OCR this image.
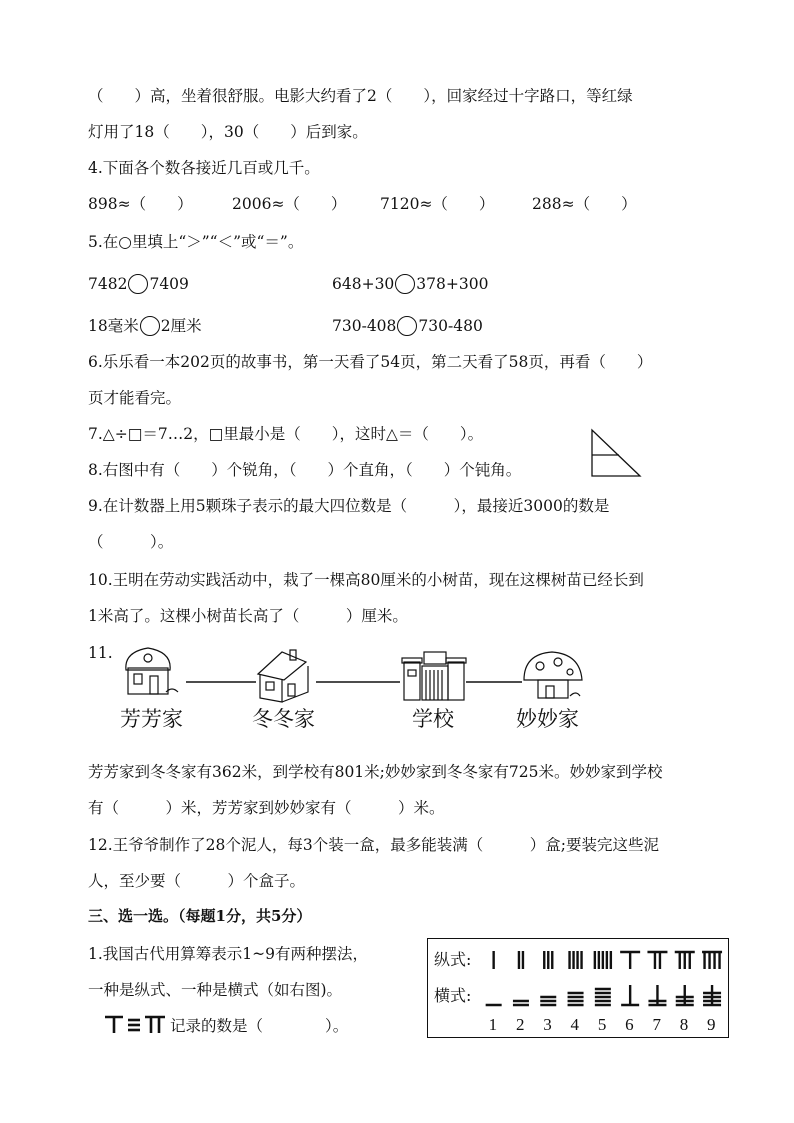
（　　）高，坐着很舒服。电影大约看了2（　　），回家经过十字路口，等红绿
灯用了18（　　），30（　　）后到家。
4.下面各个数各接近几百或几千。
898≈（　　）	2006≈（　　） 7120≈（　　） 288≈（　　）
5.在○里填上“＞”“＜”或“＝”。
7482 7409	648+30 378+300
18毫米 2厘米	730-408 730-480
6.乐乐看一本202页的故事书，第一天看了54页，第二天看了58页，再看（　　）
页才能看完。
7.△÷□＝7…2，□里最小是（　　），这时△＝（　　）。
8.右图中有（　　）个锐角，（　　）个直角，（　　）个钝角。
9.在计数器上用5颗珠子表示的最大四位数是（　　　），最接近3000的数是
（　　　）。
10.王明在劳动实践活动中，栽了一棵高80厘米的小树苗，现在这棵树苗已经长到
1米高了。这棵小树苗长高了（　　　）厘米。
11.
芳芳家	冬冬家	学校	妙妙家
芳芳家到冬冬家有362米，到学校有801米;妙妙家到冬冬家有725米。妙妙家到学校
有（　　　）米，芳芳家到妙妙家有（　　　）米。
12.王爷爷制作了28个泥人，每3个装一盒，最多能装满（　　　）盒;要装完这些泥
人，至少要（　　　）个盒子。
三、选一选。（每题1分，共5分）
1.我国古代用算筹表示1~9有两种摆法，
一种是纵式、一种是横式（如右图)。
记录的数是（　　　　）。
纵式:
横式:
1 2 3 4 5 6 7 8 9
